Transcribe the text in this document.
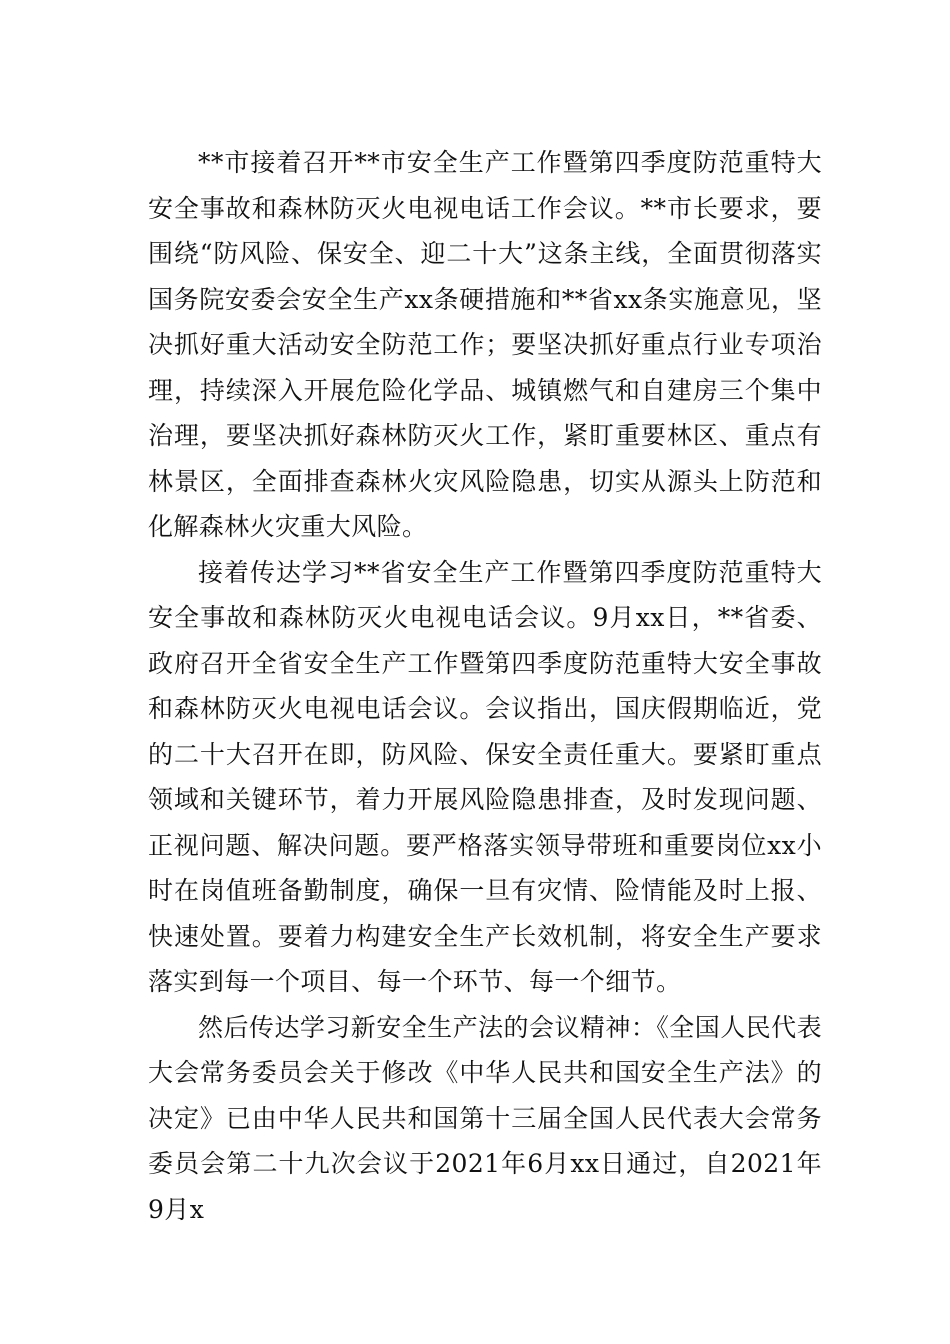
**市接着召开**市安全生产工作暨第四季度防范重特大安全事故和森林防灭火电视电话工作会议。**市长要求，要围绕“防风险、保安全、迎二十大”这条主线，全面贯彻落实国务院安委会安全生产xx条硬措施和**省xx条实施意见，坚决抓好重大活动安全防范工作；要坚决抓好重点行业专项治理，持续深入开展危险化学品、城镇燃气和自建房三个集中治理，要坚决抓好森林防灭火工作，紧盯重要林区、重点有林景区，全面排查森林火灾风险隐患，切实从源头上防范和化解森林火灾重大风险。

接着传达学习**省安全生产工作暨第四季度防范重特大安全事故和森林防灭火电视电话会议。9月xx日，**省委、政府召开全省安全生产工作暨第四季度防范重特大安全事故和森林防灭火电视电话会议。会议指出，国庆假期临近，党的二十大召开在即，防风险、保安全责任重大。要紧盯重点领域和关键环节，着力开展风险隐患排查，及时发现问题、正视问题、解决问题。要严格落实领导带班和重要岗位xx小时在岗值班备勤制度，确保一旦有灾情、险情能及时上报、快速处置。要着力构建安全生产长效机制，将安全生产要求落实到每一个项目、每一个环节、每一个细节。

然后传达学习新安全生产法的会议精神：《全国人民代表大会常务委员会关于修改《中华人民共和国安全生产法》的决定》已由中华人民共和国第十三届全国人民代表大会常务委员会第二十九次会议于2021年6月xx日通过，自2021年9月x
